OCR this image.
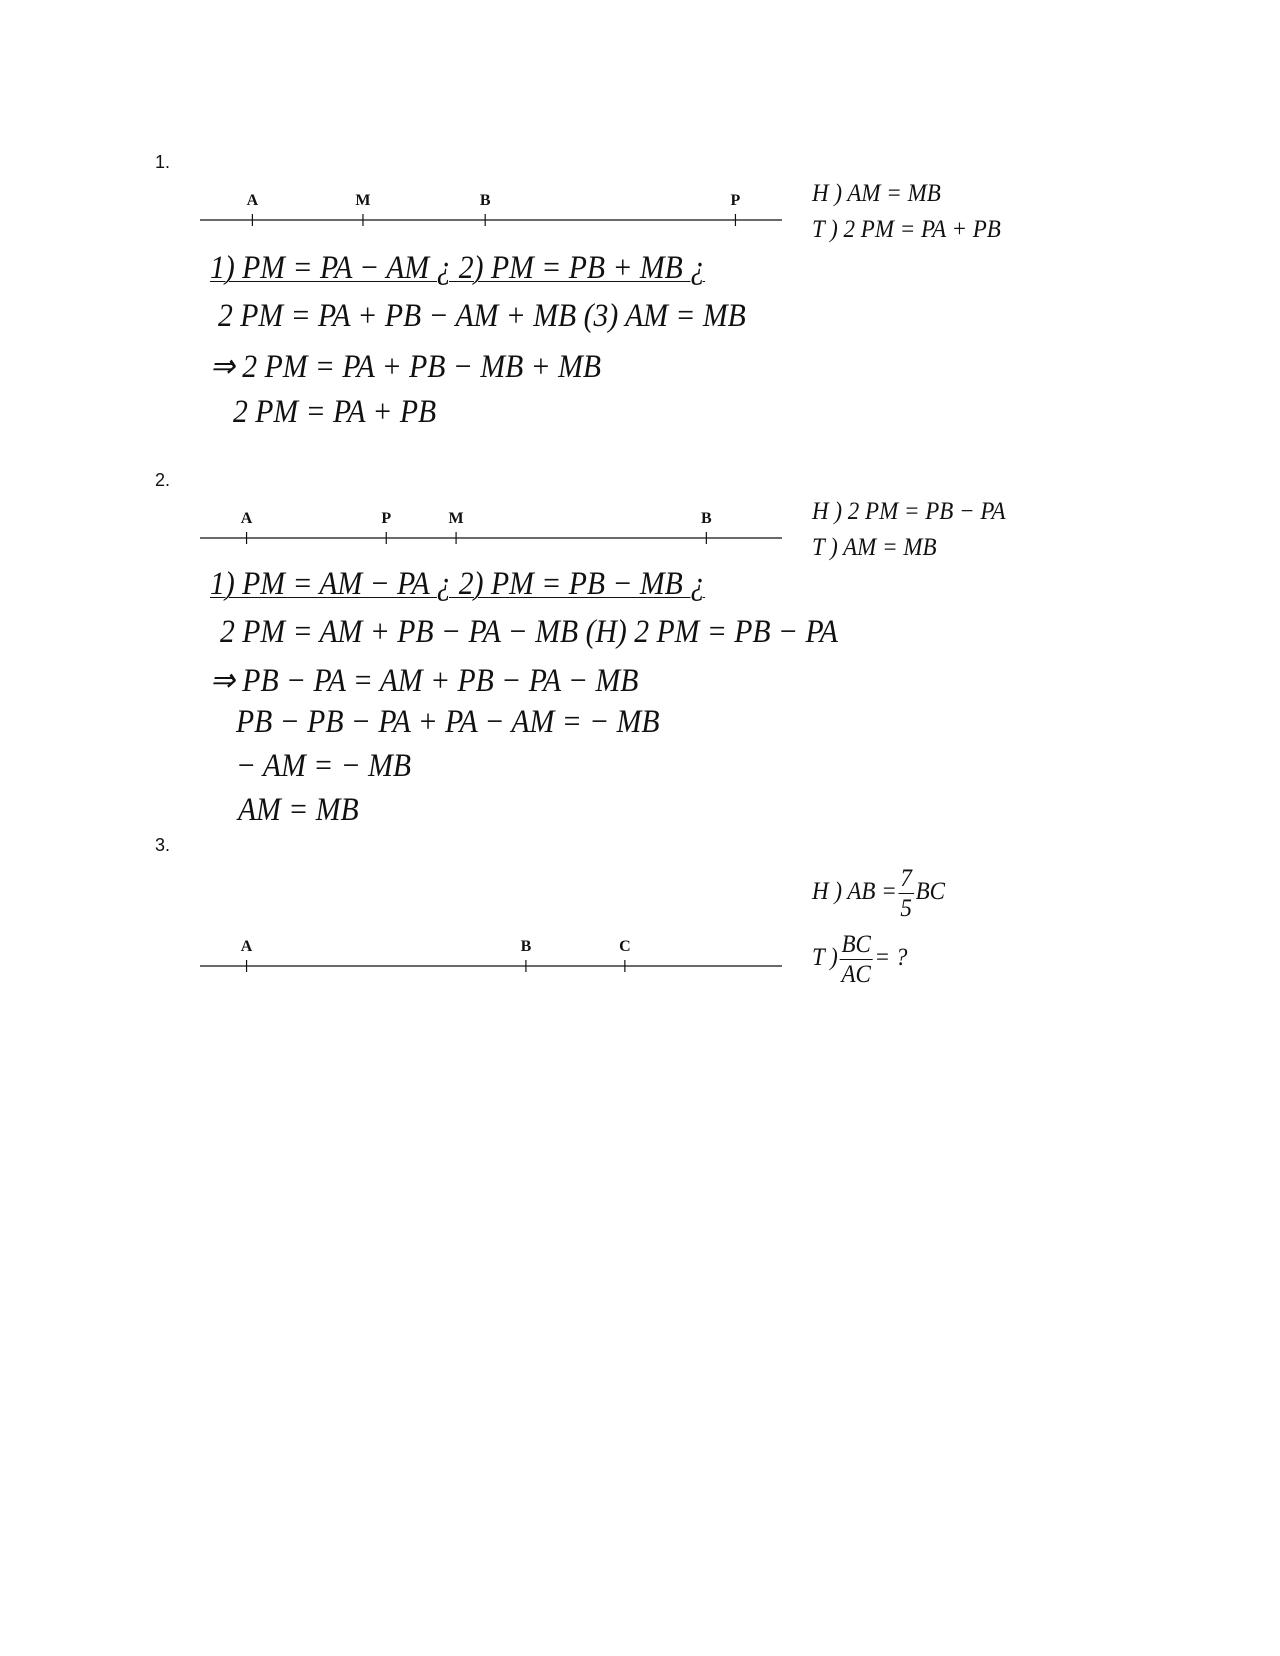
1.
A	M	B	P	H ) AM = MB
T ) 2 PM = PA + PB
1) PM = PA − AM ¿ 2) PM = PB + MB ¿
2 PM = PA + PB − AM + MB (3) AM = MB
⇒ 2 PM = PA + PB − MB + MB
2 PM = PA + PB
2.
A	P	M	B	H ) 2 PM = PB − PA
T ) AM = MB
1) PM = AM − PA ¿ 2) PM = PB − MB ¿
2 PM = AM + PB − PA − MB (H) 2 PM = PB − PA
⇒ PB − PA = AM + PB − PA − MB
PB − PB − PA + PA − AM = − MB
− AM = − MB
AM = MB
3.
A	B	C
H ) AB = $\frac{7}{5}$ BC
T ) $\frac{BC}{AC}$ = ?
